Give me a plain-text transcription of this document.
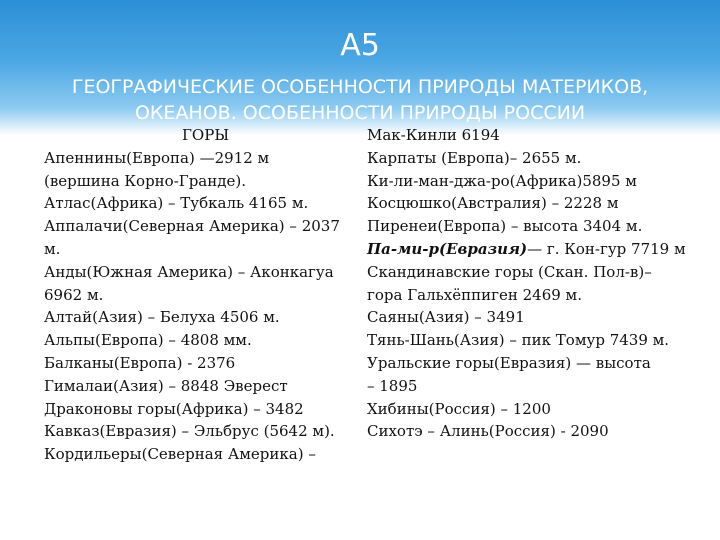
А5
ГЕОГРАФИЧЕСКИЕ ОСОБЕННОСТИ ПРИРОДЫ МАТЕРИКОВ, ОКЕАНОВ. ОСОБЕННОСТИ ПРИРОДЫ РОССИИ
ГОРЫ
Апеннины(Европа) —2912 м
(вершина Корно-Гранде).
Атлас(Африка) – Тубкаль 4165 м.
Аппалачи(Северная Америка) – 2037
м.
Анды(Южная Америка) – Аконкагуа
6962 м.
Алтай(Азия) – Белуха 4506 м.
Альпы(Европа) – 4808 мм.
Балканы(Европа) - 2376
Гималаи(Азия) – 8848 Эверест
Драконовы горы(Африка) – 3482
Кавказ(Евразия) – Эльбрус (5642 м).
Кордильеры(Северная Америка) –
Мак-Кинли 6194
Карпаты (Европа)– 2655 м.
Ки-ли-ман-джа-ро(Африка)5895 м
Косцюшко(Австралия) – 2228 м
Пиренеи(Европа) – высота 3404 м.
Па-ми-р(Евразия)— г. Кон-гур 7719 м
Скандинавские горы (Скан. Пол-в)–
гора Гальхёппиген 2469 м.
Саяны(Азия) – 3491
Тянь-Шань(Азия) – пик Томур 7439 м.
Уральские горы(Евразия) — высота
– 1895
Хибины(Россия) – 1200
Сихотэ – Алинь(Россия) - 2090
